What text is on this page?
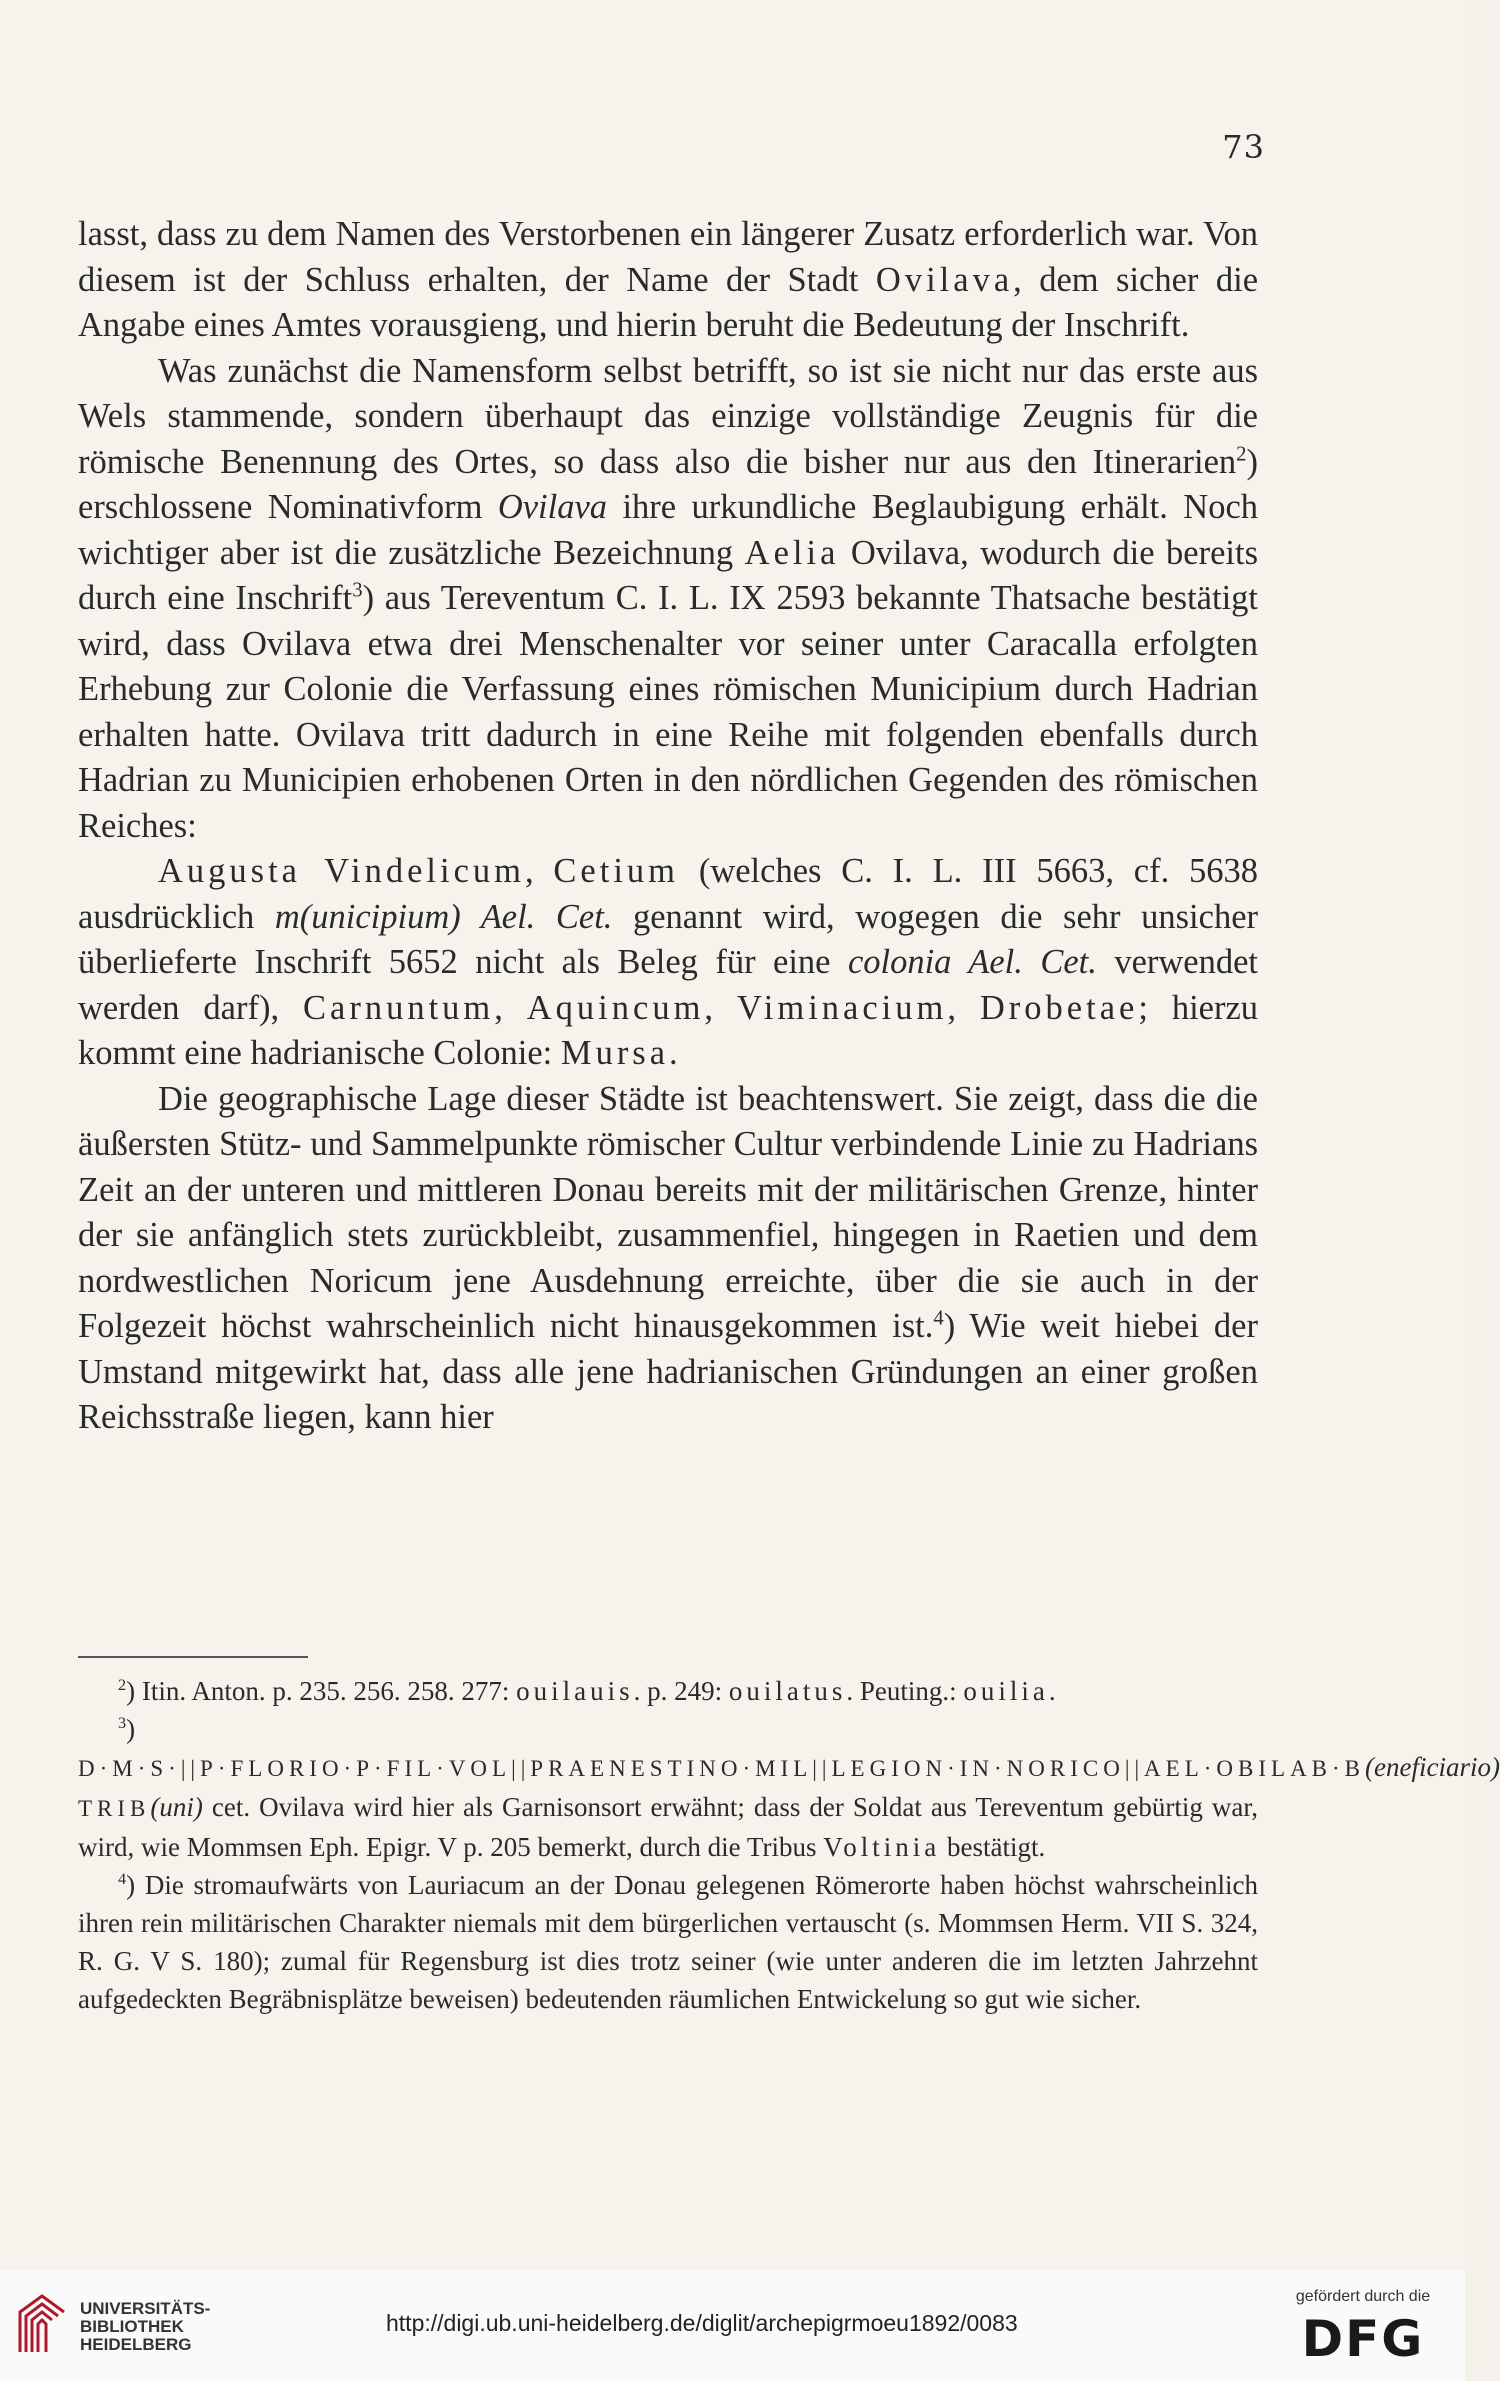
73

lasst, dass zu dem Namen des Verstorbenen ein längerer Zusatz erforderlich war. Von diesem ist der Schluss erhalten, der Name der Stadt Ovilava, dem sicher die Angabe eines Amtes vorausgieng, und hierin beruht die Bedeutung der Inschrift.

Was zunächst die Namensform selbst betrifft, so ist sie nicht nur das erste aus Wels stammende, sondern überhaupt das einzige vollständige Zeugnis für die römische Benennung des Ortes, so dass also die bisher nur aus den Itinerarien$^2$) erschlossene Nominativform Ovilava ihre urkundliche Beglaubigung erhält. Noch wichtiger aber ist die zusätzliche Bezeichnung Aelia Ovilava, wodurch die bereits durch eine Inschrift$^3$) aus Tereventum C. I. L. IX 2593 bekannte Thatsache bestätigt wird, dass Ovilava etwa drei Menschenalter vor seiner unter Caracalla erfolgten Erhebung zur Colonie die Verfassung eines römischen Municipium durch Hadrian erhalten hatte. Ovilava tritt dadurch in eine Reihe mit folgenden ebenfalls durch Hadrian zu Municipien erhobenen Orten in den nördlichen Gegenden des römischen Reiches:

Augusta Vindelicum, Cetium (welches C. I. L. III 5663, cf. 5638 ausdrücklich m(unicipium) Ael. Cet. genannt wird, wogegen die sehr unsicher überlieferte Inschrift 5652 nicht als Beleg für eine colonia Ael. Cet. verwendet werden darf), Carnuntum, Aquincum, Viminacium, Drobetae; hierzu kommt eine hadrianische Colonie: Mursa.

Die geographische Lage dieser Städte ist beachtenswert. Sie zeigt, dass die die äußersten Stütz- und Sammelpunkte römischer Cultur verbindende Linie zu Hadrians Zeit an der unteren und mittleren Donau bereits mit der militärischen Grenze, hinter der sie anfänglich stets zurückbleibt, zusammenfiel, hingegen in Raetien und dem nordwestlichen Noricum jene Ausdehnung erreichte, über die sie auch in der Folgezeit höchst wahrscheinlich nicht hinausgekommen ist.$^4$) Wie weit hiebei der Umstand mitgewirkt hat, dass alle jene hadrianischen Gründungen an einer großen Reichsstraße liegen, kann hier

$^2$) Itin. Anton. p. 235. 256. 258. 277: ouilauis. p. 249: ouilatus. Peuting.: ouilia.

$^3$) D·M·S·||P·FLORIO·P·FIL·VOL||PRAENESTINO·MIL||LEGION·IN·NORICO||AEL·OBILAB·B(eneficiario) TRIB(uni) cet. Ovilava wird hier als Garnisonsort erwähnt; dass der Soldat aus Tereventum gebürtig war, wird, wie Mommsen Eph. Epigr. V p. 205 bemerkt, durch die Tribus Voltinia bestätigt.

$^4$) Die stromaufwärts von Lauriacum an der Donau gelegenen Römerorte haben höchst wahrscheinlich ihren rein militärischen Charakter niemals mit dem bürgerlichen vertauscht (s. Mommsen Herm. VII S. 324, R. G. V S. 180); zumal für Regensburg ist dies trotz seiner (wie unter anderen die im letzten Jahrzehnt aufgedeckten Begräbnisplätze beweisen) bedeutenden räumlichen Entwickelung so gut wie sicher.

UNIVERSITÄTS-
BIBLIOTHEK
HEIDELBERG
http://digi.ub.uni-heidelberg.de/diglit/archepigrmoeu1892/0083
gefördert durch die
DFG
